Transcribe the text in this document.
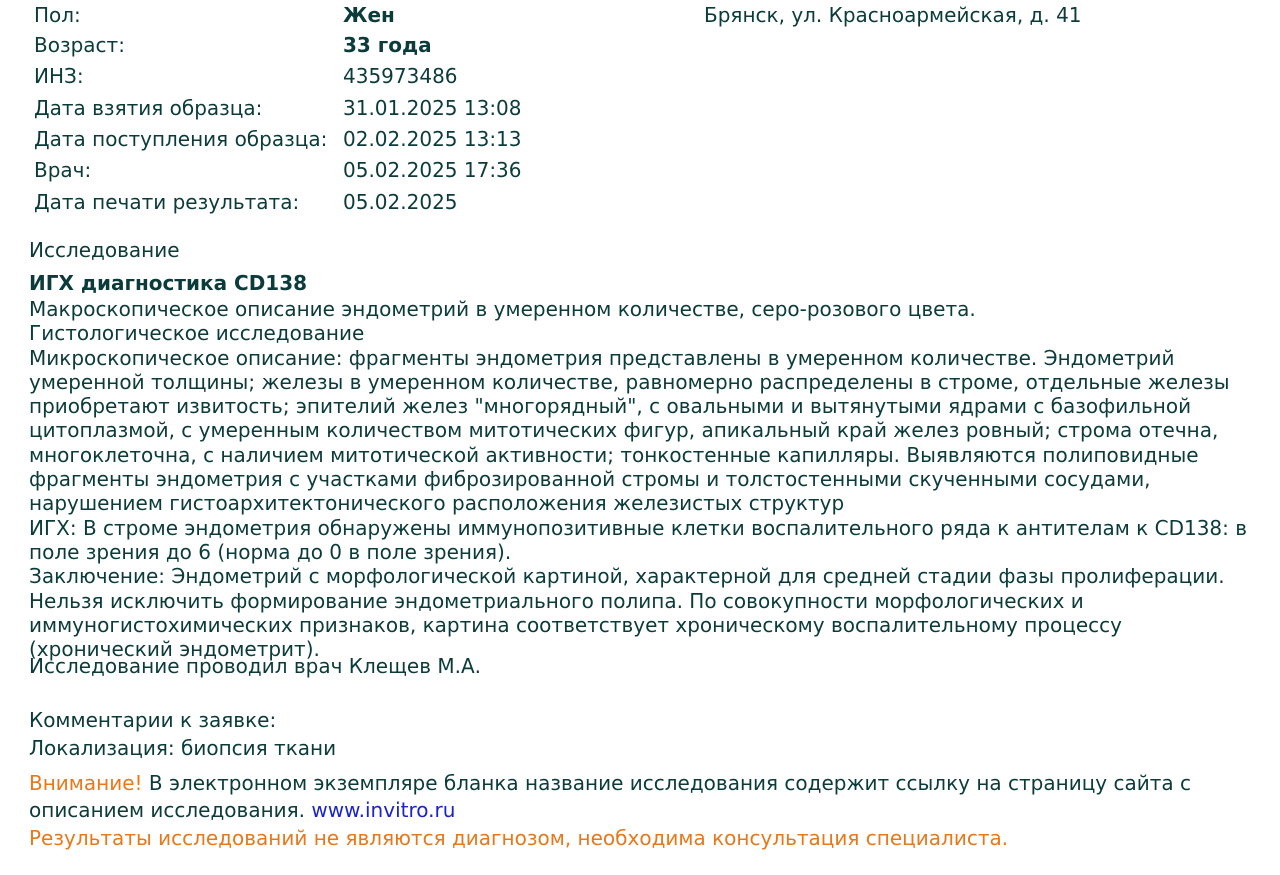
Пол:	Жен
Возраст:	33 года
ИНЗ:	435973486
Дата взятия образца:	31.01.2025 13:08
Дата поступления образца: 02.02.2025 13:13
Врач:	05.02.2025 17:36
Дата печати результата: 05.02.2025
Брянск, ул. Красноармейская, д. 41
Исследование
ИГХ диагностика CD138

Макроскопическое описание эндометрий в умеренном количестве, серо-розового цвета.

Гистологическое исследование

Микроскопическое описание: фрагменты эндометрия представлены в умеренном количестве. Эндометрий умеренной толщины; железы в умеренном количестве, равномерно распределены в строме, отдельные железы приобретают извитость; эпителий желез "многорядный", с овальными и вытянутыми ядрами с базофильной цитоплазмой, с умеренным количеством митотических фигур, апикальный край желез ровный; строма отечна, многоклеточна, с наличием митотической активности; тонкостенные капилляры. Выявляются полиповидные фрагменты эндометрия с участками фиброзированной стромы и толстостенными скученными сосудами, нарушением гистоархитектонического расположения железистых структур

ИГХ: В строме эндометрия обнаружены иммунопозитивные клетки воспалительного ряда к антителам к CD138: в поле зрения до 6 (норма до 0 в поле зрения).

Заключение: Эндометрий с морфологической картиной, характерной для средней стадии фазы пролиферации. Нельзя исключить формирование эндометриального полипа. По совокупности морфологических и иммуногистохимических признаков, картина соответствует хроническому воспалительному процессу (хронический эндометрит).

Исследование проводил врач Клещев М.А.
Комментарии к заявке:
Локализация: биопсия ткани
Внимание! В электронном экземпляре бланка название исследования содержит ссылку на страницу сайта с описанием исследования. www.invitro.ru
Результаты исследований не являются диагнозом, необходима консультация специалиста.
